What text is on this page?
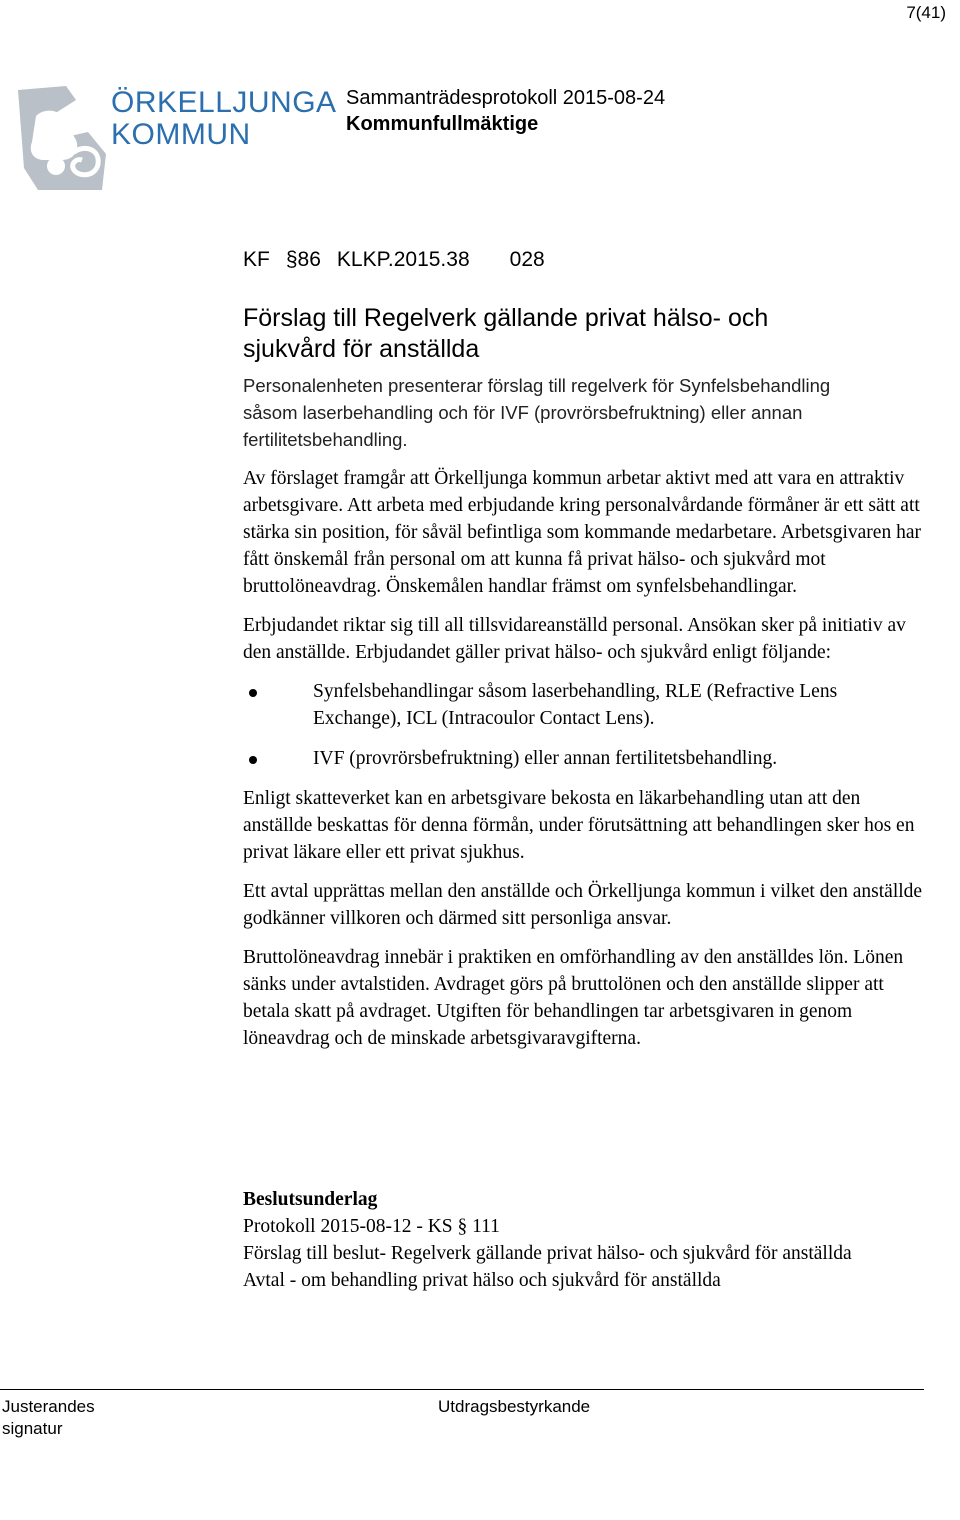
7(41)
ÖRKELLJUNGA
KOMMUN
Sammanträdesprotokoll 2015-08-24
Kommunfullmäktige
KF §86 KLKP.2015.38 028
Förslag till Regelverk gällande privat hälso- och
sjukvård för anställda
Personalenheten presenterar förslag till regelverk för Synfelsbehandling
såsom laserbehandling och för IVF (provrörsbefruktning) eller annan
fertilitetsbehandling.

Av förslaget framgår att Örkelljunga kommun arbetar aktivt med att vara en attraktiv arbetsgivare. Att arbeta med erbjudande kring personalvårdande förmåner är ett sätt att stärka sin position, för såväl befintliga som kommande medarbetare. Arbetsgivaren har fått önskemål från personal om att kunna få privat hälso- och sjukvård mot bruttolöneavdrag. Önskemålen handlar främst om synfelsbehandlingar.

Erbjudandet riktar sig till all tillsvidareanställd personal. Ansökan sker på initiativ av den anställde. Erbjudandet gäller privat hälso- och sjukvård enligt följande:

Synfelsbehandlingar såsom laserbehandling, RLE (Refractive Lens Exchange), ICL (Intracoulor Contact Lens).
IVF (provrörsbefruktning) eller annan fertilitetsbehandling.

Enligt skatteverket kan en arbetsgivare bekosta en läkarbehandling utan att den anställde beskattas för denna förmån, under förutsättning att behandlingen sker hos en privat läkare eller ett privat sjukhus.

Ett avtal upprättas mellan den anställde och Örkelljunga kommun i vilket den anställde godkänner villkoren och därmed sitt personliga ansvar.

Bruttolöneavdrag innebär i praktiken en omförhandling av den anställdes lön. Lönen sänks under avtalstiden. Avdraget görs på bruttolönen och den anställde slipper att betala skatt på avdraget. Utgiften för behandlingen tar arbetsgivaren in genom löneavdrag och de minskade arbetsgivaravgifterna.

Beslutsunderlag
Protokoll 2015-08-12 - KS § 111
Förslag till beslut- Regelverk gällande privat hälso- och sjukvård för anställda
Avtal - om behandling privat hälso och sjukvård för anställda
Justerandes
signatur
Utdragsbestyrkande
